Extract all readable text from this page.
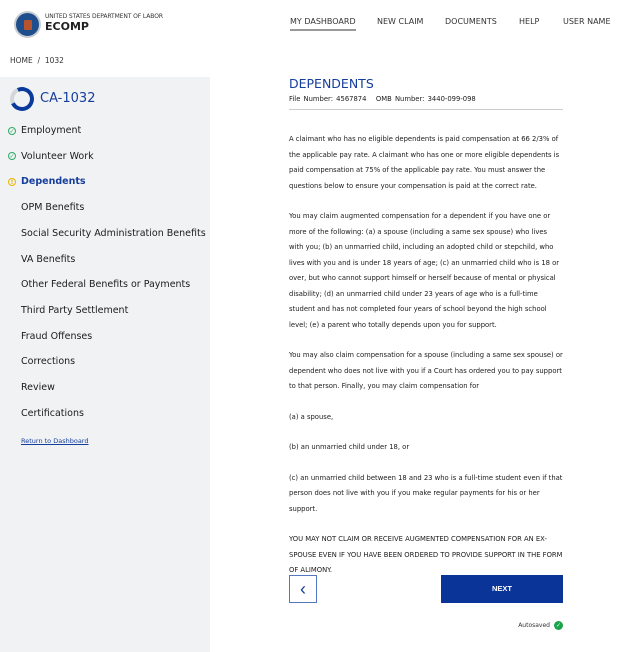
UNITED STATES DEPARTMENT OF LABOR
ECOMP	MY DASHBOARD	NEW CLAIM	DOCUMENTS	HELP	USER NAME
HOME  /  1032
CA-1032
✓ Employment
✓ Volunteer Work
! Dependents
OPM Benefits
Social Security Administration Benefits
VA Benefits
Other Federal Benefits or Payments
Third Party Settlement
Fraud Offenses
Corrections
Review
Certifications
Return to Dashboard
DEPENDENTS
File Number: 4567874   OMB Number: 3440-099-098

A claimant who has no eligible dependents is paid compensation at 66 2/3% of the applicable pay rate. A claimant who has one or more eligible dependents is paid compensation at 75% of the applicable pay rate. You must answer the questions below to ensure your compensation is paid at the correct rate.

You may claim augmented compensation for a dependent if you have one or more of the following: (a) a spouse (including a same sex spouse) who lives with you; (b) an unmarried child, including an adopted child or stepchild, who lives with you and is under 18 years of age; (c) an unmarried child who is 18 or over, but who cannot support himself or herself because of mental or physical disability; (d) an unmarried child under 23 years of age who is a full-time student and has not completed four years of school beyond the high school level; (e) a parent who totally depends upon you for support.

You may also claim compensation for a spouse (including a same sex spouse) or dependent who does not live with you if a Court has ordered you to pay support to that person. Finally, you may claim compensation for

(a) a spouse,

(b) an unmarried child under 18, or

(c) an unmarried child between 18 and 23 who is a full-time student even if that person does not live with you if you make regular payments for his or her support.

YOU MAY NOT CLAIM OR RECEIVE AUGMENTED COMPENSATION FOR AN EX-SPOUSE EVEN IF YOU HAVE BEEN ORDERED TO PROVIDE SUPPORT IN THE FORM OF ALIMONY.

‹	NEXT
Autosaved ✓
